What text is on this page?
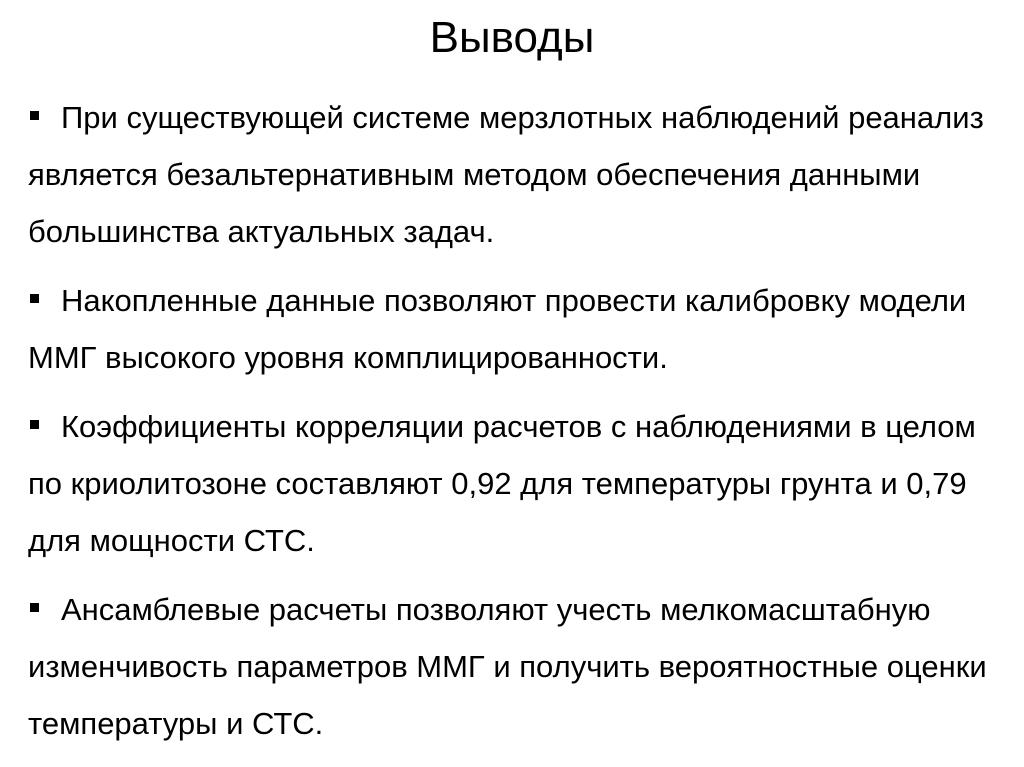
Выводы
При существующей системе мерзлотных наблюдений реанализ является безальтернативным методом обеспечения данными большинства актуальных задач.
Накопленные данные позволяют провести калибровку модели ММГ высокого уровня комплицированности.
Коэффициенты корреляции расчетов с наблюдениями в целом по криолитозоне составляют 0,92 для температуры грунта и 0,79 для мощности СТС.
Ансамблевые расчеты позволяют учесть мелкомасштабную изменчивость параметров ММГ и получить вероятностные оценки температуры и СТС.
